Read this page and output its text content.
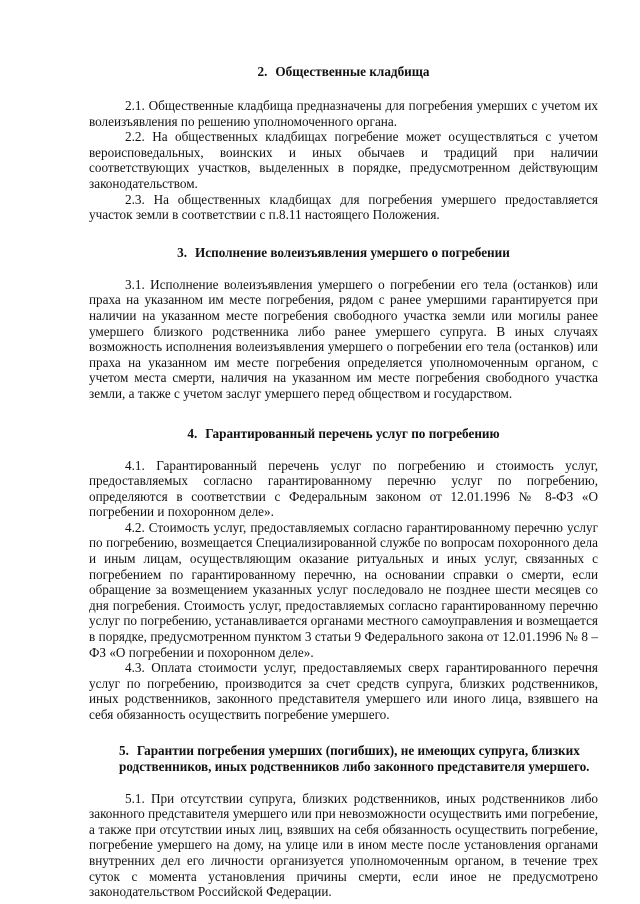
2. Общественные кладбища

2.1. Общественные кладбища предназначены для погребения умерших с учетом их волеизъявления по решению уполномоченного органа.

2.2. На общественных кладбищах погребение может осуществляться с учетом вероисповедальных, воинских и иных обычаев и традиций при наличии соответствующих участков, выделенных в порядке, предусмотренном действующим законодательством.

2.3. На общественных кладбищах для погребения умершего предоставляется участок земли в соответствии с п.8.11 настоящего Положения.

3. Исполнение волеизъявления умершего о погребении

3.1. Исполнение волеизъявления умершего о погребении его тела (останков) или праха на указанном им месте погребения, рядом с ранее умершими гарантируется при наличии на указанном месте погребения свободного участка земли или могилы ранее умершего близкого родственника либо ранее умершего супруга. В иных случаях возможность исполнения волеизъявления умершего о погребении его тела (останков) или праха на указанном им месте погребения определяется уполномоченным органом, с учетом места смерти, наличия на указанном им месте погребения свободного участка земли, а также с учетом заслуг умершего перед обществом и государством.

4. Гарантированный перечень услуг по погребению

4.1. Гарантированный перечень услуг по погребению и стоимость услуг, предоставляемых согласно гарантированному перечню услуг по погребению, определяются в соответствии с Федеральным законом от 12.01.1996 № 8-ФЗ «О погребении и похоронном деле».

4.2. Стоимость услуг, предоставляемых согласно гарантированному перечню услуг по погребению, возмещается Специализированной службе по вопросам похоронного дела и иным лицам, осуществляющим оказание ритуальных и иных услуг, связанных с погребением по гарантированному перечню, на основании справки о смерти, если обращение за возмещением указанных услуг последовало не позднее шести месяцев со дня погребения. Стоимость услуг, предоставляемых согласно гарантированному перечню услуг по погребению, устанавливается органами местного самоуправления и возмещается в порядке, предусмотренном пунктом 3 статьи 9 Федерального закона от 12.01.1996 № 8 – ФЗ «О погребении и похоронном деле».

4.3. Оплата стоимости услуг, предоставляемых сверх гарантированного перечня услуг по погребению, производится за счет средств супруга, близких родственников, иных родственников, законного представителя умершего или иного лица, взявшего на себя обязанность осуществить погребение умершего.

5. Гарантии погребения умерших (погибших), не имеющих супруга, близких родственников, иных родственников либо законного представителя умершего.

5.1. При отсутствии супруга, близких родственников, иных родственников либо законного представителя умершего или при невозможности осуществить ими погребение, а также при отсутствии иных лиц, взявших на себя обязанность осуществить погребение, погребение умершего на дому, на улице или в ином месте после установления органами внутренних дел его личности организуется уполномоченным органом, в течение трех суток с момента установления причины смерти, если иное не предусмотрено законодательством Российской Федерации.
